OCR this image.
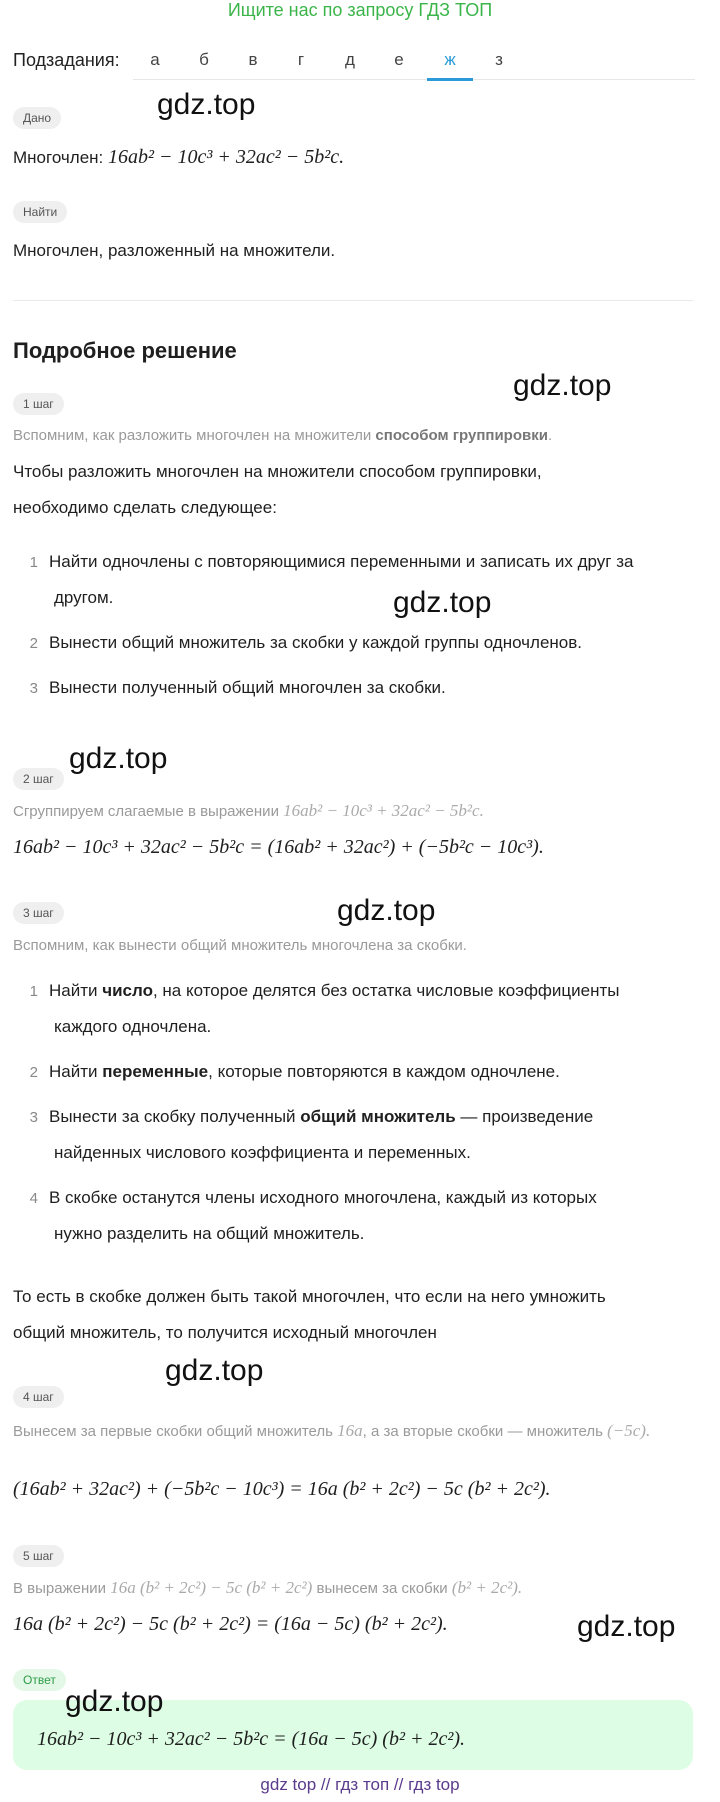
Ищите нас по запросу ГДЗ ТОП
Подзадания:	а	б	в	г	д	е	ж	з
Дано
Многочлен: 16ab² − 10c³ + 32ac² − 5b²c.
Найти
Многочлен, разложенный на множители.
Подробное решение
1 шаг
Вспомним, как разложить многочлен на множители способом группировки.
Чтобы разложить многочлен на множители способом группировки,
необходимо сделать следующее:
1 Найти одночлены с повторяющимися переменными и записать их друг за
другом.
2 Вынести общий множитель за скобки у каждой группы одночленов.
3 Вынести полученный общий многочлен за скобки.
2 шаг
Сгруппируем слагаемые в выражении 16ab² − 10c³ + 32ac² − 5b²c.
16ab² − 10c³ + 32ac² − 5b²c = (16ab² + 32ac²) + (−5b²c − 10c³).
3 шаг
Вспомним, как вынести общий множитель многочлена за скобки.
1 Найти число, на которое делятся без остатка числовые коэффициенты
каждого одночлена.
2 Найти переменные, которые повторяются в каждом одночлене.
3 Вынести за скобку полученный общий множитель — произведение
найденных числового коэффициента и переменных.
4 В скобке останутся члены исходного многочлена, каждый из которых
нужно разделить на общий множитель.
То есть в скобке должен быть такой многочлен, что если на него умножить
общий множитель, то получится исходный многочлен
4 шаг
Вынесем за первые скобки общий множитель 16a, а за вторые скобки — множитель (−5c).
(16ab² + 32ac²) + (−5b²c − 10c³) = 16a (b² + 2c²) − 5c (b² + 2c²).
5 шаг
В выражении 16a (b² + 2c²) − 5c (b² + 2c²) вынесем за скобки (b² + 2c²).
16a (b² + 2c²) − 5c (b² + 2c²) = (16a − 5c) (b² + 2c²).
Ответ
16ab² − 10c³ + 32ac² − 5b²c = (16a − 5c) (b² + 2c²).
gdz.top
gdz.top
gdz.top
gdz.top
gdz.top
gdz.top
gdz.top
gdz.top
gdz top // гдз топ // гдз top
